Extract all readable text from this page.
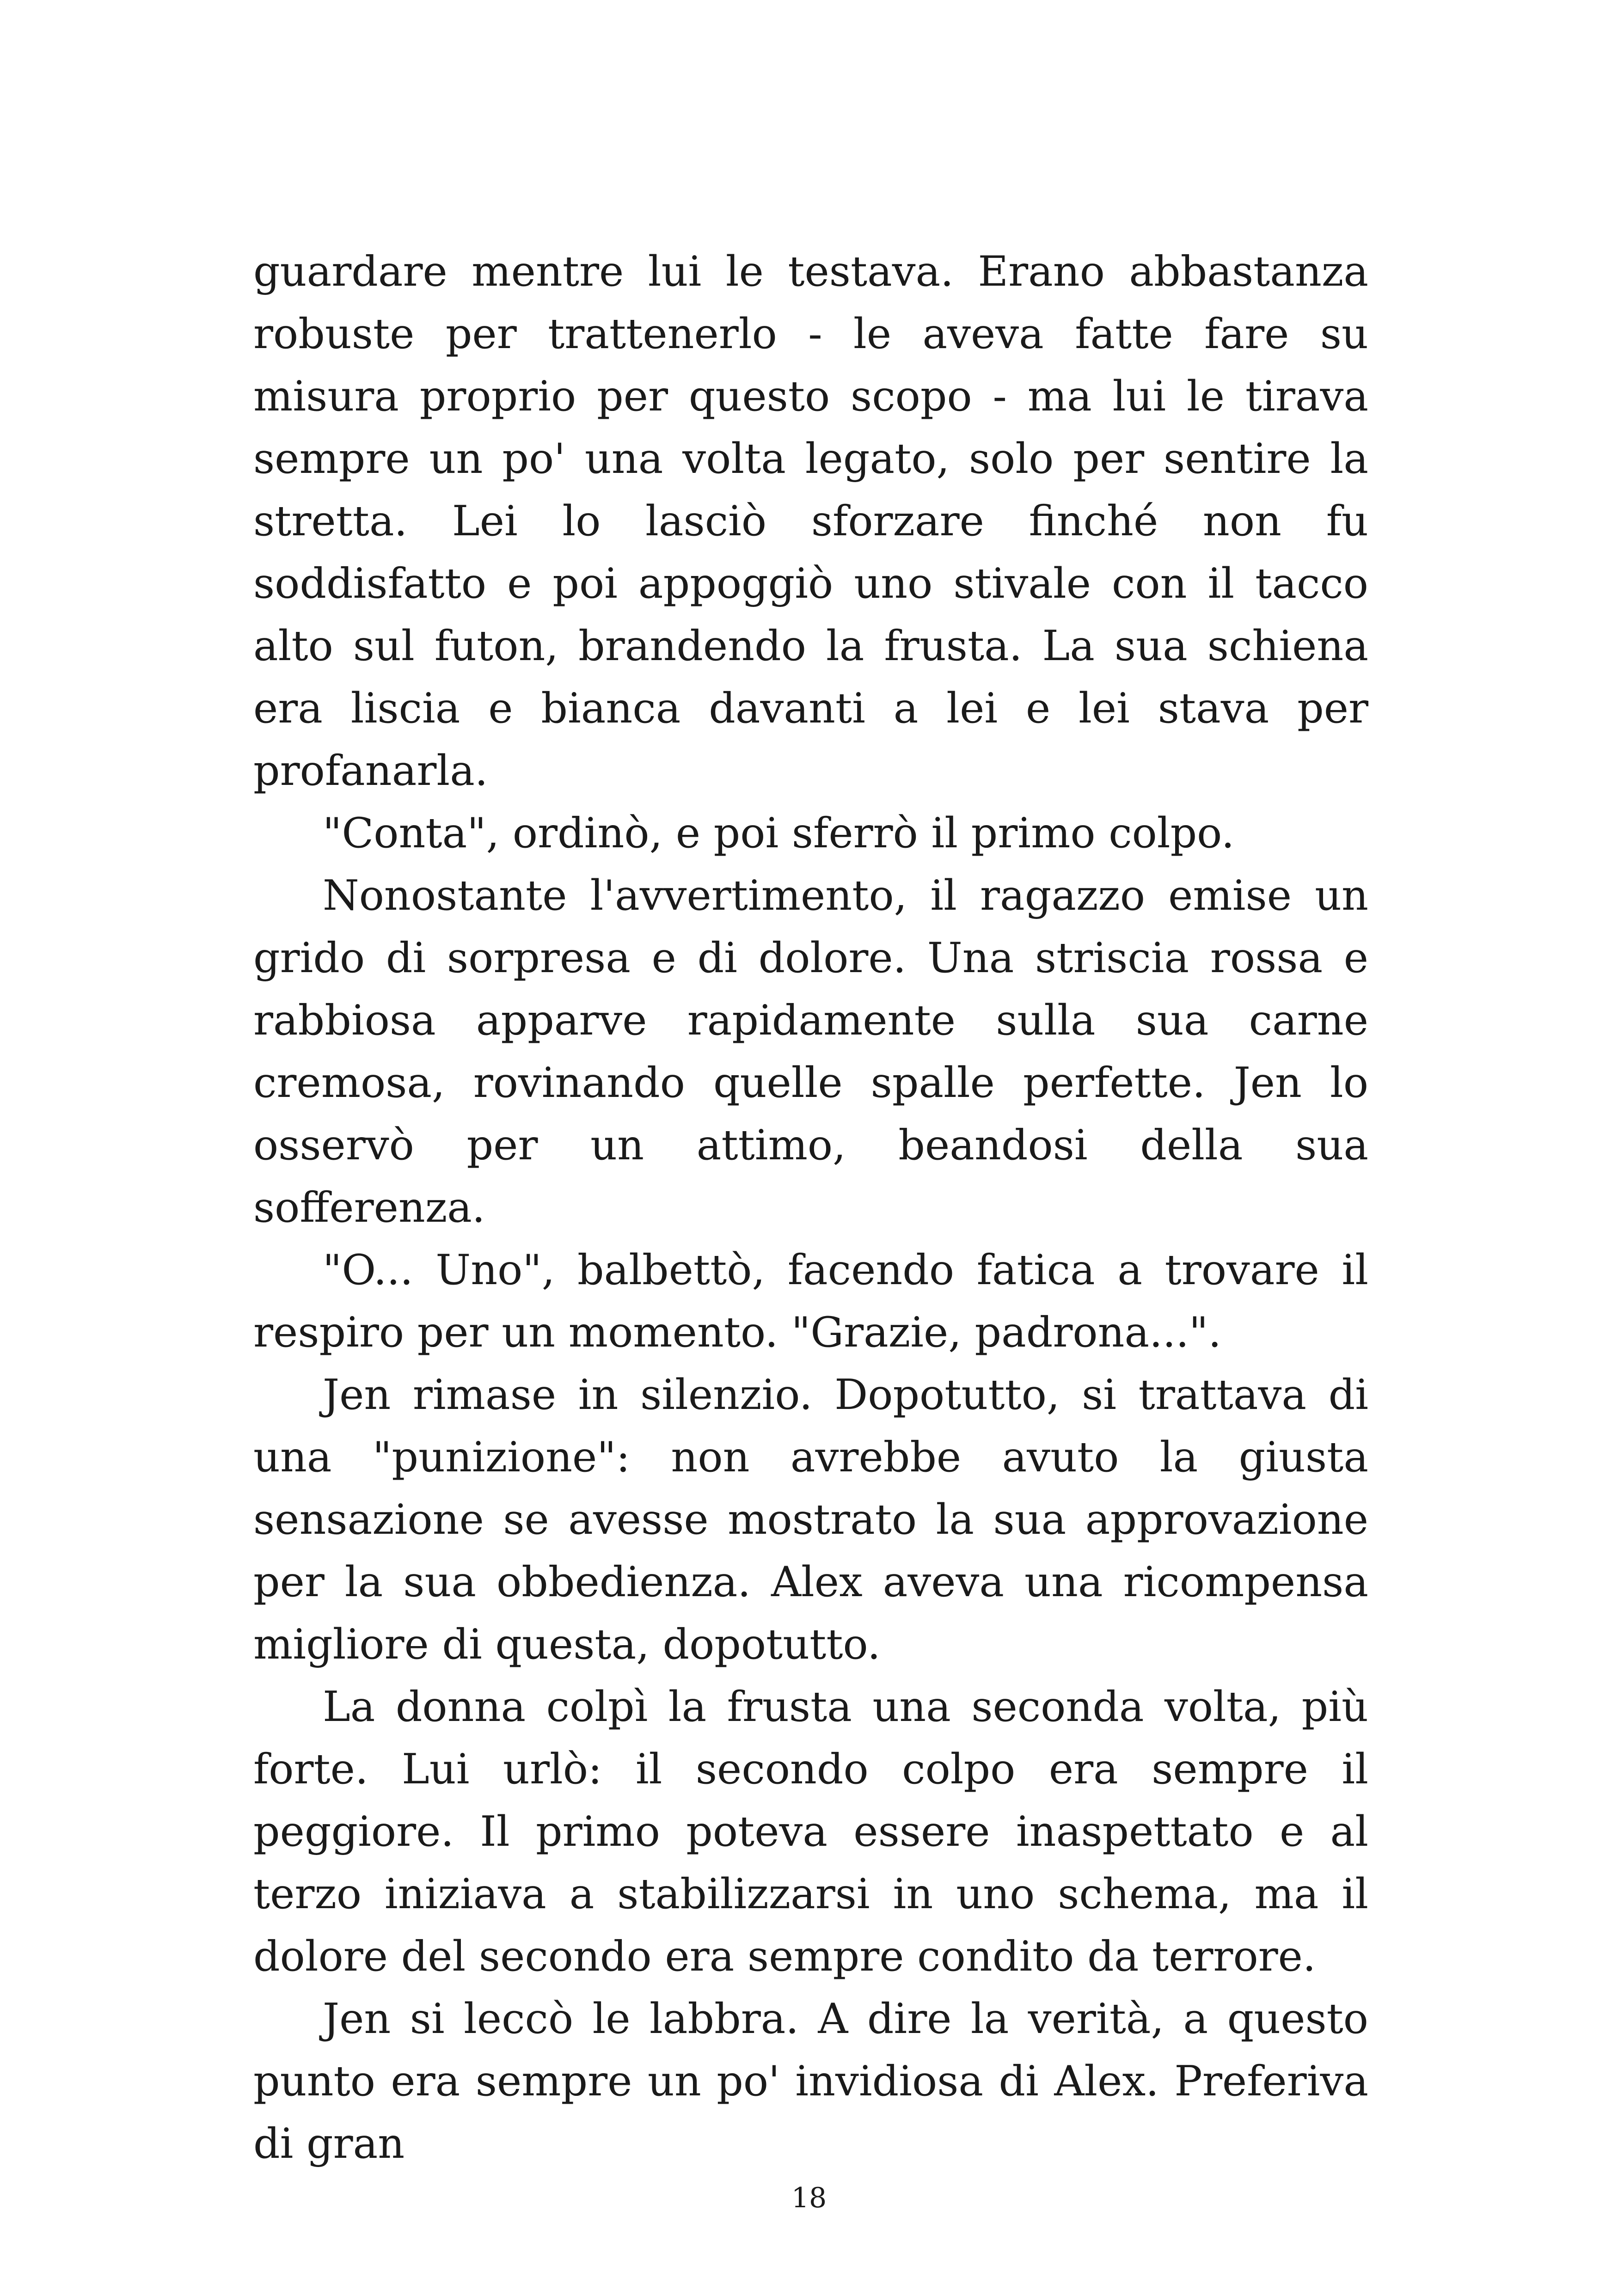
guardare mentre lui le testava. Erano abbastanza robuste per trattenerlo - le aveva fatte fare su misura proprio per questo scopo - ma lui le tirava sempre un po' una volta legato, solo per sentire la stretta. Lei lo lasciò sforzare finché non fu soddisfatto e poi appoggiò uno stivale con il tacco alto sul futon, brandendo la frusta. La sua schiena era liscia e bianca davanti a lei e lei stava per profanarla.

"Conta", ordinò, e poi sferrò il primo colpo.

Nonostante l'avvertimento, il ragazzo emise un grido di sorpresa e di dolore. Una striscia rossa e rabbiosa apparve rapidamente sulla sua carne cremosa, rovinando quelle spalle perfette. Jen lo osservò per un attimo, beandosi della sua sofferenza.

"O... Uno", balbettò, facendo fatica a trovare il respiro per un momento. "Grazie, padrona...".

Jen rimase in silenzio. Dopotutto, si trattava di una "punizione": non avrebbe avuto la giusta sensazione se avesse mostrato la sua approvazione per la sua obbedienza. Alex aveva una ricompensa migliore di questa, dopotutto.

La donna colpì la frusta una seconda volta, più forte. Lui urlò: il secondo colpo era sempre il peggiore. Il primo poteva essere inaspettato e al terzo iniziava a stabilizzarsi in uno schema, ma il dolore del secondo era sempre condito da terrore.

Jen si leccò le labbra. A dire la verità, a questo punto era sempre un po' invidiosa di Alex. Preferiva di gran

18
